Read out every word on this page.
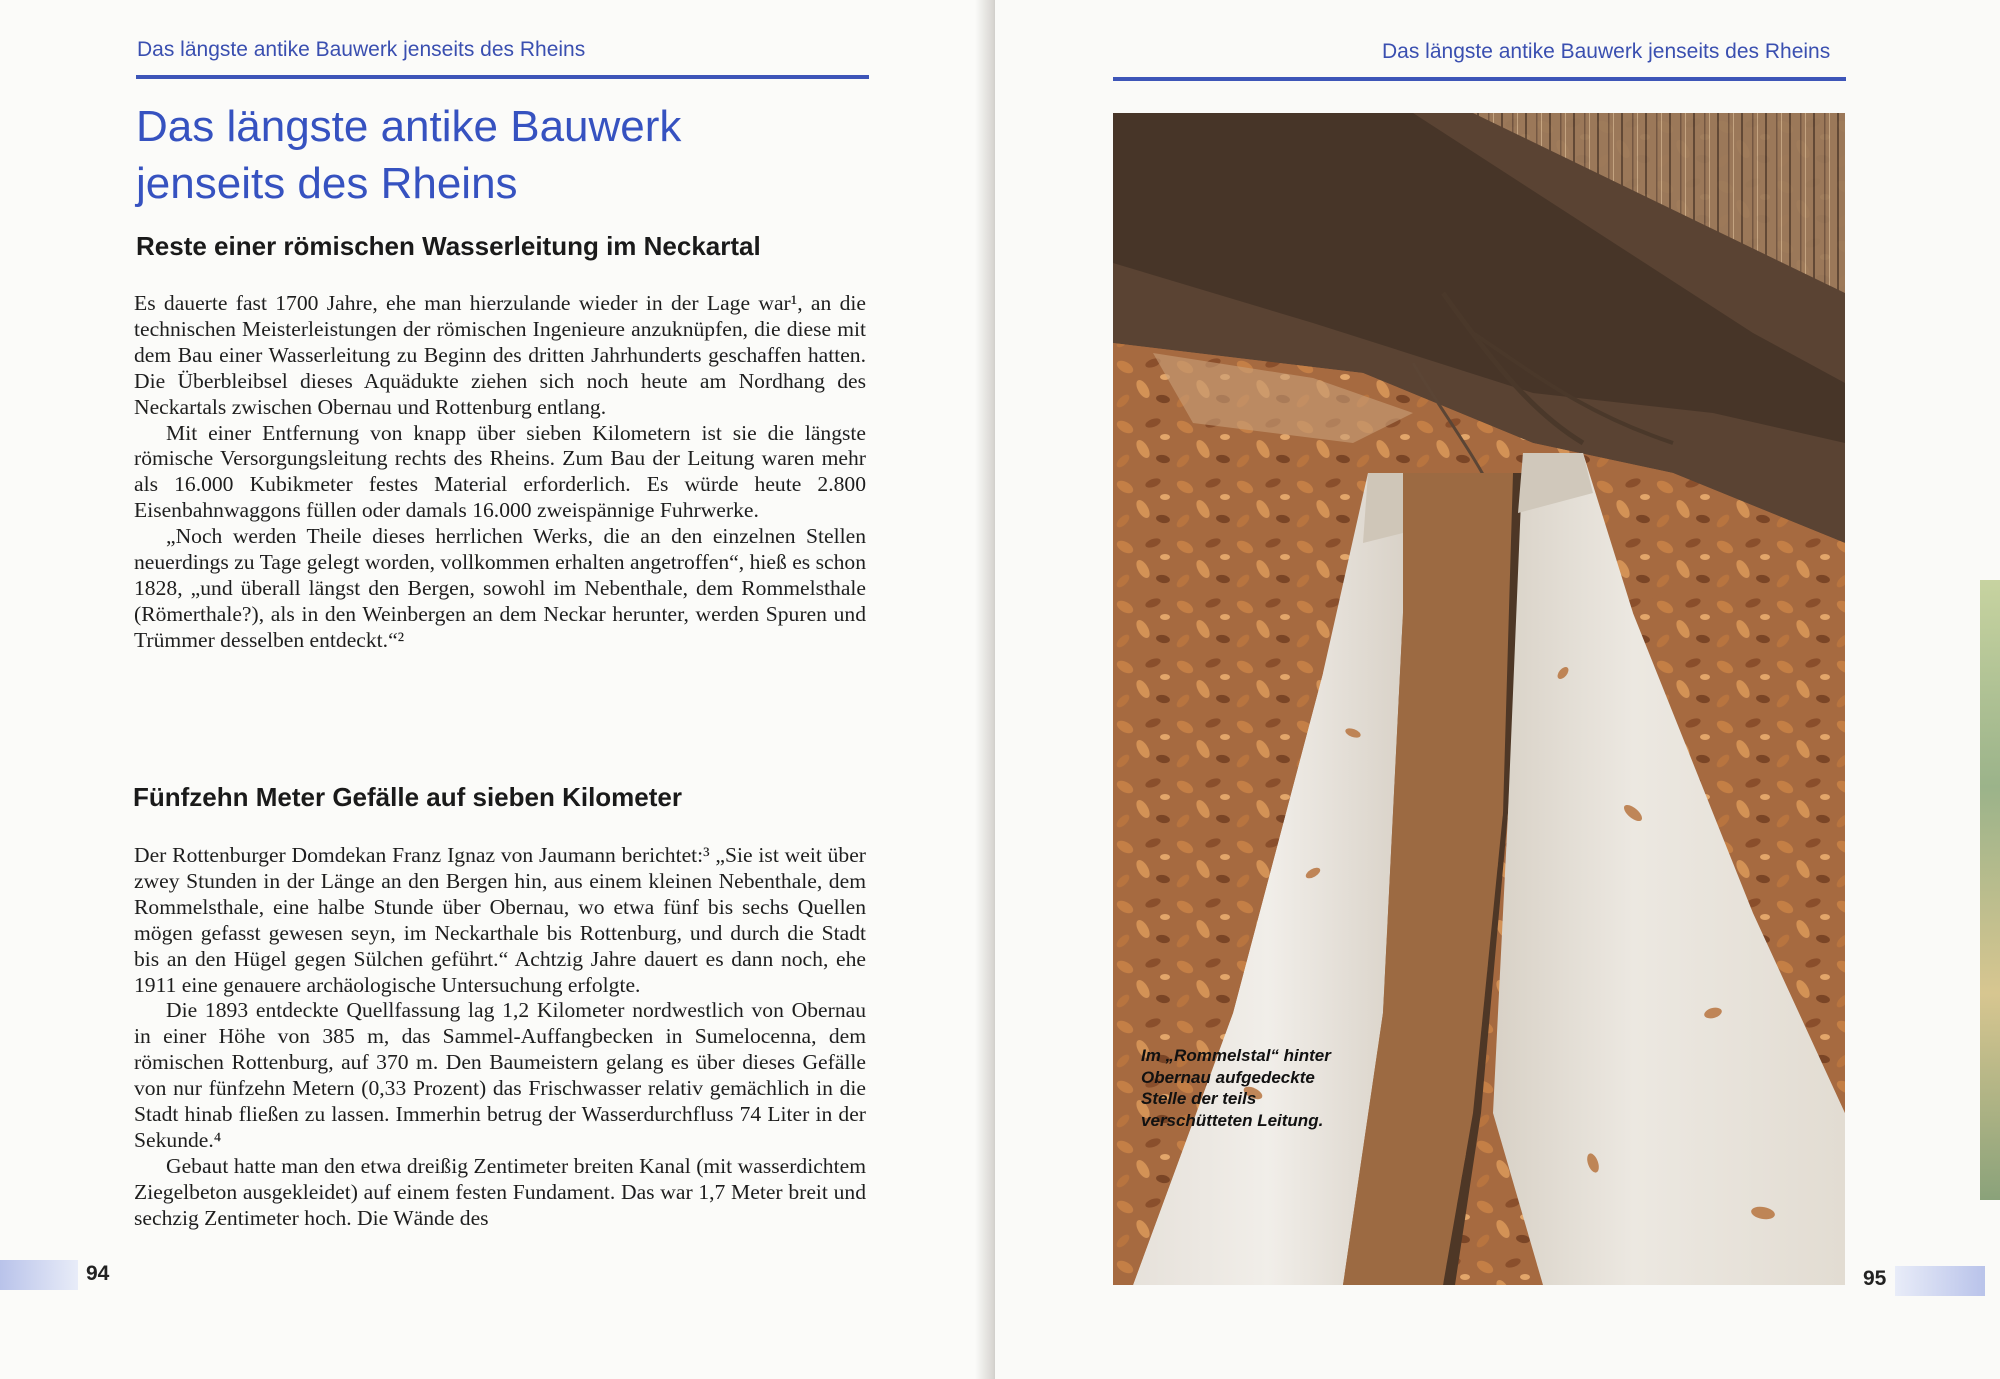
Das längste antike Bauwerk jenseits des Rheins
Das längste antike Bauwerk
jenseits des Rheins
Reste einer römischen Wasserleitung im Neckartal

Es dauerte fast 1700 Jahre, ehe man hierzulande wieder in der Lage war¹, an die technischen Meisterleistungen der römischen Ingenieure anzuknüpfen, die diese mit dem Bau einer Wasserleitung zu Beginn des dritten Jahrhunderts geschaffen hatten. Die Überbleibsel dieses Aquädukte ziehen sich noch heute am Nordhang des Neckartals zwischen Obernau und Rottenburg entlang.

Mit einer Entfernung von knapp über sieben Kilometern ist sie die längste römische Versorgungsleitung rechts des Rheins. Zum Bau der Leitung waren mehr als 16.000 Kubikmeter festes Material erforderlich. Es würde heute 2.800 Eisenbahnwaggons füllen oder damals 16.000 zweispännige Fuhrwerke.

„Noch werden Theile dieses herrlichen Werks, die an den einzelnen Stellen neuerdings zu Tage gelegt worden, vollkommen erhalten angetroffen“, hieß es schon 1828, „und überall längst den Bergen, sowohl im Nebenthale, dem Rommelsthale (Römerthale?), als in den Weinbergen an dem Neckar herunter, werden Spuren und Trümmer desselben entdeckt.“²

Fünfzehn Meter Gefälle auf sieben Kilometer

Der Rottenburger Domdekan Franz Ignaz von Jaumann berichtet:³ „Sie ist weit über zwey Stunden in der Länge an den Bergen hin, aus einem kleinen Nebenthale, dem Rommelsthale, eine halbe Stunde über Obernau, wo etwa fünf bis sechs Quellen mögen gefasst gewesen seyn, im Neckarthale bis Rottenburg, und durch die Stadt bis an den Hügel gegen Sülchen geführt.“ Achtzig Jahre dauert es dann noch, ehe 1911 eine genauere archäologische Untersuchung erfolgte.

Die 1893 entdeckte Quellfassung lag 1,2 Kilometer nordwestlich von Obernau in einer Höhe von 385 m, das Sammel-Auffangbecken in Sumelocenna, dem römischen Rottenburg, auf 370 m. Den Baumeistern gelang es über dieses Gefälle von nur fünfzehn Metern (0,33 Prozent) das Frischwasser relativ gemächlich in die Stadt hinab fließen zu lassen. Immerhin betrug der Wasserdurchfluss 74 Liter in der Sekunde.⁴

Gebaut hatte man den etwa dreißig Zentimeter breiten Kanal (mit wasserdichtem Ziegelbeton ausgekleidet) auf einem festen Fundament. Das war 1,7 Meter breit und sechzig Zentimeter hoch. Die Wände des

94
Das längste antike Bauwerk jenseits des Rheins
95
Im „Rommelstal“ hinter
Obernau aufgedeckte
Stelle der teils
verschütteten Leitung.
